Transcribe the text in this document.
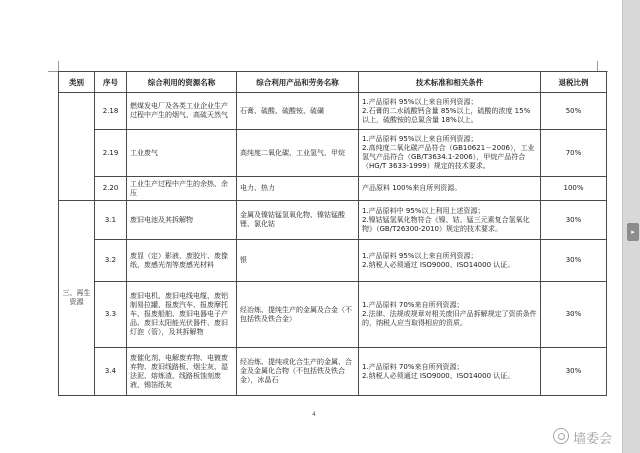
▸
类别	序号	综合利用的资源名称	综合利用产品和劳务名称	技术标准和相关条件	退税比例
	2.18	燃煤发电厂及各类工业企业生产过程中产生的烟气、高硫天然气	石膏、硫酸、硫酸铵、硫磺	1.产品原料 95%以上来自所列资源；
2.石膏的二水硫酸钙含量 85%以上，硫酸的浓度 15%以上，硫酸铵的总氮含量 18%以上。	50%
	2.19	工业废气	高纯度二氧化碳、工业氢气、甲烷	1.产品原料 95%以上来自所列资源；
2.高纯度二氧化碳产品符合（GB10621－2006），工业氢气产品符合（GB/T3634.1-2006），甲烷产品符合（HG/T 3633-1999）规定的技术要求。	70%
	2.20	工业生产过程中产生的余热、余压	电力、热力	产品原料 100%来自所列资源。	100%
三、再生资源	3.1	废旧电池及其拆解物	金属及镍钴锰氢氧化物、镍钴锰酸锂、氯化钴	1.产品原料中 95%以上利用上述资源；
2.镍钴锰氢氧化物符合《镍、钴、锰三元素复合氢氧化物》（GB/T26300-2010）规定的技术要求。	30%
	3.2	废显（定）影液、废胶片、废像纸、废感光剂等废感光材料	银	1.产品原料 95%以上来自所列资源；
2.纳税人必须通过 ISO9000、ISO14000 认证。	30%
	3.3	废旧电机、废旧电线电缆、废铝制易拉罐、报废汽车、报废摩托车、报废船舶、废旧电器电子产品、废旧太阳能光伏器件、废旧灯泡（管），及其拆解物	经冶炼、提纯生产的金属及合金（不包括铁及铁合金）	1.产品原料 70%来自所列资源；
2.法律、法规或规章对相关废旧产品拆解规定了资质条件的，纳税人应当取得相应的资质。	30%
	3.4	废催化剂、电解废弃物、电镀废弃物、废旧线路板、烟尘灰、湿法泥、熔炼渣、线路板蚀刻废液、锡箔纸灰	经冶炼、提纯或化合生产的金属、合金及金属化合物（不包括铁及铁合金），冰晶石	1.产品原料 70%来自所列资源；
2.纳税人必须通过 ISO9000、ISO14000 认证。	30%
4
墙委会
